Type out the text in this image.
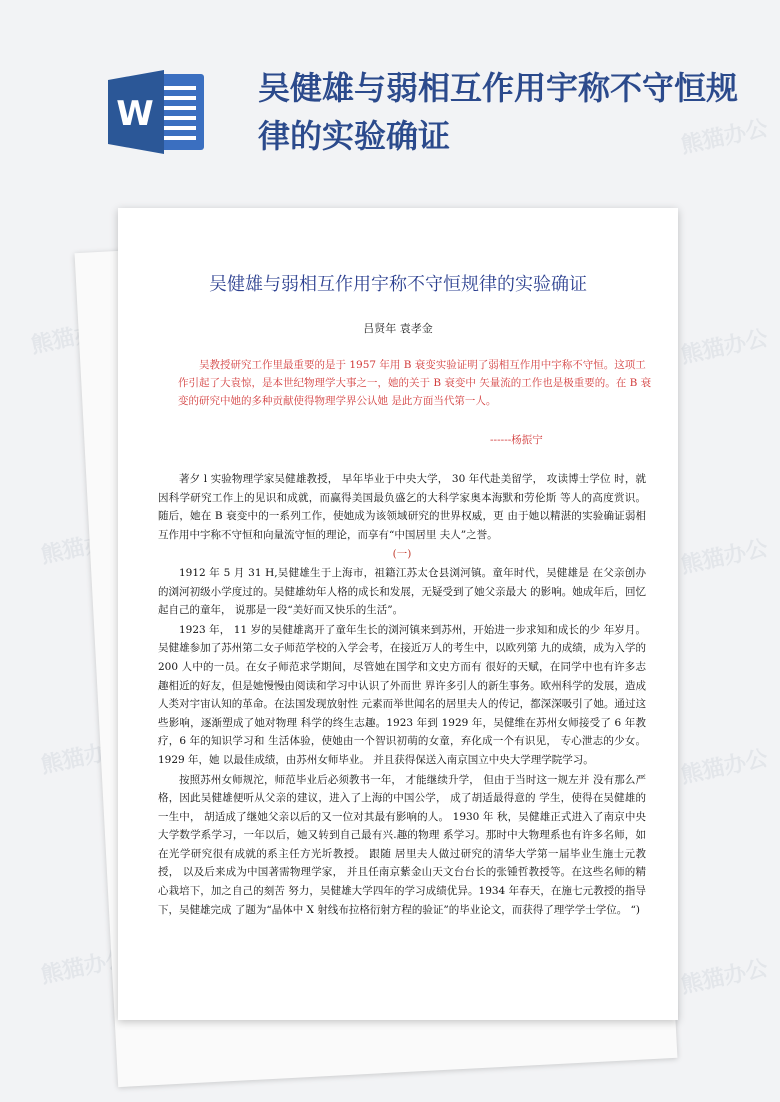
W
吴健雄与弱相互作用宇称不守恒规律的实验确证
熊猫办公
熊猫办公
熊猫办公
熊猫办公
熊猫办公
熊猫办公
熊猫办公
熊猫办公
熊猫办公
吴健雄与弱相互作用宇称不守恒规律的实验确证
吕贤年 袁孝金

吴教授研究工作里最重要的是于 1957 年用 B 衰变实验证明了弱相互作用中宇称不守恒。这项工作引起了大袁惊，是本世纪物理学大事之一，她的关于 B 衰变中 矢量流的工作也是极重要的。在 B 衰变的研究中她的多种贡献使得物理学界公认她 是此方面当代第一人。

------杨振宁

著夕 l 实验物理学家吴健雄教授， 早年毕业于中央大学， 30 年代赴美留学， 攻读博士学位 时，就因科学研究工作上的见识和成就，而赢得美国最负盛乞的大科学家奥本海默和劳伦斯 等人的高度赏识。 随后，她在 B 衰变中的一系列工作，使她成为该领域研究的世界权威，更 由于她以精湛的实验确证弱相互作用中宇称不守恒和向量流守恒的理论，而享有“中国居里 夫人”之誉。

(一)

1912 年 5 月 31 H,吴健雄生于上海市，祖籍江苏太仓县浏河镇。童年时代，吴健雄是 在父亲创办的浏河初级小学度过的。吴健雄幼年人格的成长和发展，无疑受到了她父亲最大 的影响。她成年后，回忆起自己的童年， 说那是一段“美好而又快乐的生活”。

1923 年， 11 岁的吴健雄离开了童年生长的浏河镇来到苏州，开始进一步求知和成长的少 年岁月。吴健雄参加了苏州第二女子师范学校的入学会考，在接近万人的考生中，以欧列第 九的成绩，成为入学的 200 人中的一员。在女子师范求学期间，尽管她在国学和文史方而有 很好的天赋，在同学中也有许多志趣相近的好友，但是她慢慢由阅读和学习中认识了外而世 界许多引人的新生事务。欧州科学的发展，造成人类对宇宙认知的革命。在法国发现放射性 元素而举世闻名的居里夫人的传记，都深深吸引了她。通过这些影响，逐渐塑成了她对物理 科学的终生志趣。1923 年到 1929 年，吴健维在苏州女师接受了 6 年教疗，6 年的知识学习和 生活体验，使她由一个智识初萌的女童，弃化成一个有识见， 专心泄志的少女。1929 年，她 以最佳成绩，由苏州女师毕业。 并且获得保送入南京国立中央大学理学院学习。

按照苏州女师规沱，师范毕业后必须教书一年， 才能继续升学， 但由于当时这一规左并 没有那么严格，因此吴健雄便听从父亲的建议，进入了上海的中国公学， 成了胡适最得意的 学生，使得在吴健雄的一生中， 胡适成了继她父亲以后的又一位对其最有影响的人。 1930 年 秋，吴健雄正式进入了南京中央大学数学系学习，一年以后，她又转到自己最有兴.趣的物理 系学习。那时中大物理系也有许多名师，如在光学研究很有成就的系主任方光圻教授。 跟随 居里夫人做过研究的清华大学第一届毕业生施士元教授， 以及后来成为中国著需物理学家， 并且任南京紫金山天文台台长的张锺哲教授等。在这些名师的精心栽培下，加之自己的刻苦 努力，吴健雄大学四年的学习成绩优异。1934 年春天，在施七元教授的指导下，吴健雄完成 了题为“晶体中 X 射线布拉格衍射方程的验证”的毕业论文，而获得了理学学士学位。 “)
